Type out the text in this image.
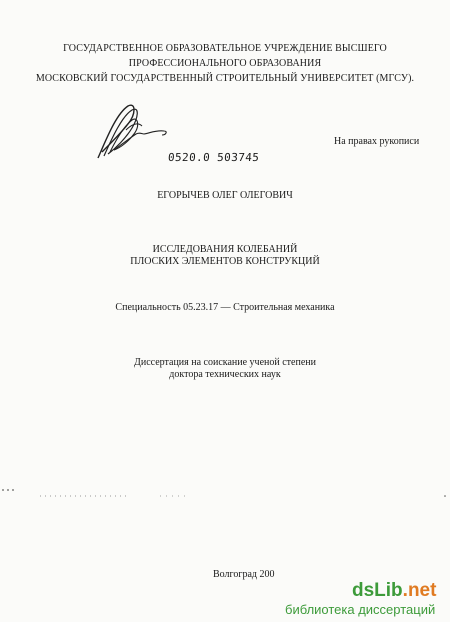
ГОСУДАРСТВЕННОЕ ОБРАЗОВАТЕЛЬНОЕ УЧРЕЖДЕНИЕ ВЫСШЕГО
ПРОФЕССИОНАЛЬНОГО ОБРАЗОВАНИЯ
МОСКОВСКИЙ ГОСУДАРСТВЕННЫЙ СТРОИТЕЛЬНЫЙ УНИВЕРСИТЕТ (МГСУ).
0520.0 503745
На правах рукописи
ЕГОРЫЧЕВ ОЛЕГ ОЛЕГОВИЧ
ИССЛЕДОВАНИЯ КОЛЕБАНИЙ
ПЛОСКИХ ЭЛЕМЕНТОВ КОНСТРУКЦИЙ
Специальность 05.23.17 — Строительная механика
Диссертация на соискание ученой степени
доктора технических наук
Волгоград 200
dsLib.net
библиотека диссертаций
